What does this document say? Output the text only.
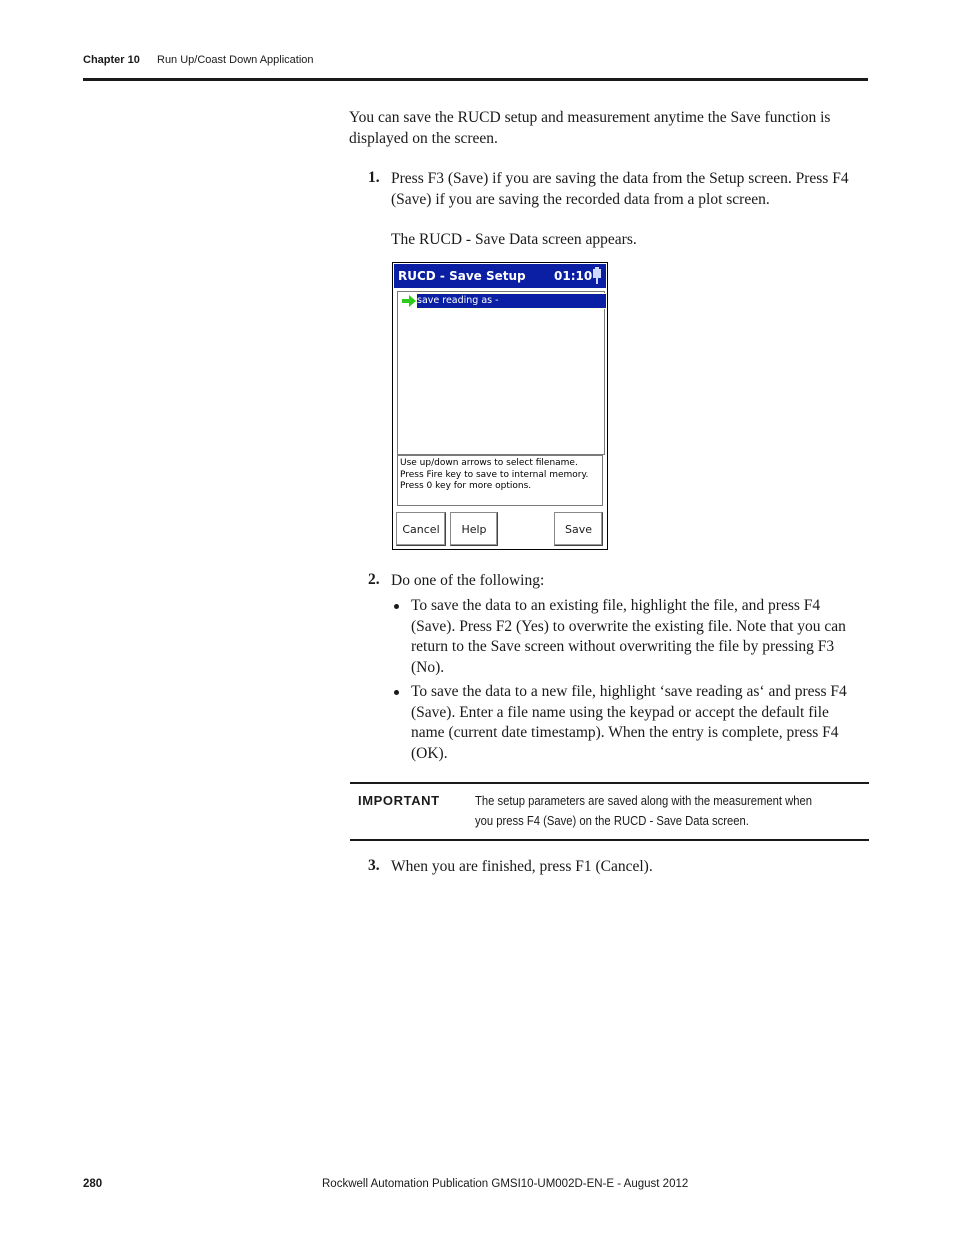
Chapter 10 Run Up/Coast Down Application
You can save the RUCD setup and measurement anytime the Save function is displayed on the screen.
1. Press F3 (Save) if you are saving the data from the Setup screen. Press F4 (Save) if you are saving the recorded data from a plot screen.
The RUCD - Save Data screen appears.
RUCD - Save Setup 01:10
save reading as -
Use up/down arrows to select filename.
Press Fire key to save to internal memory.
Press 0 key for more options.
Cancel	Help	Save
2. Do one of the following:
To save the data to an existing file, highlight the file, and press F4 (Save). Press F2 (Yes) to overwrite the existing file. Note that you can return to the Save screen without overwriting the file by pressing F3 (No).
To save the data to a new file, highlight ‘save reading as‘ and press F4 (Save). Enter a file name using the keypad or accept the default file name (current date timestamp). When the entry is complete, press F4 (OK).
IMPORTANT	The setup parameters are saved along with the measurement when you press F4 (Save) on the RUCD - Save Data screen.
3. When you are finished, press F1 (Cancel).
280	Rockwell Automation Publication GMSI10-UM002D-EN-E - August 2012
